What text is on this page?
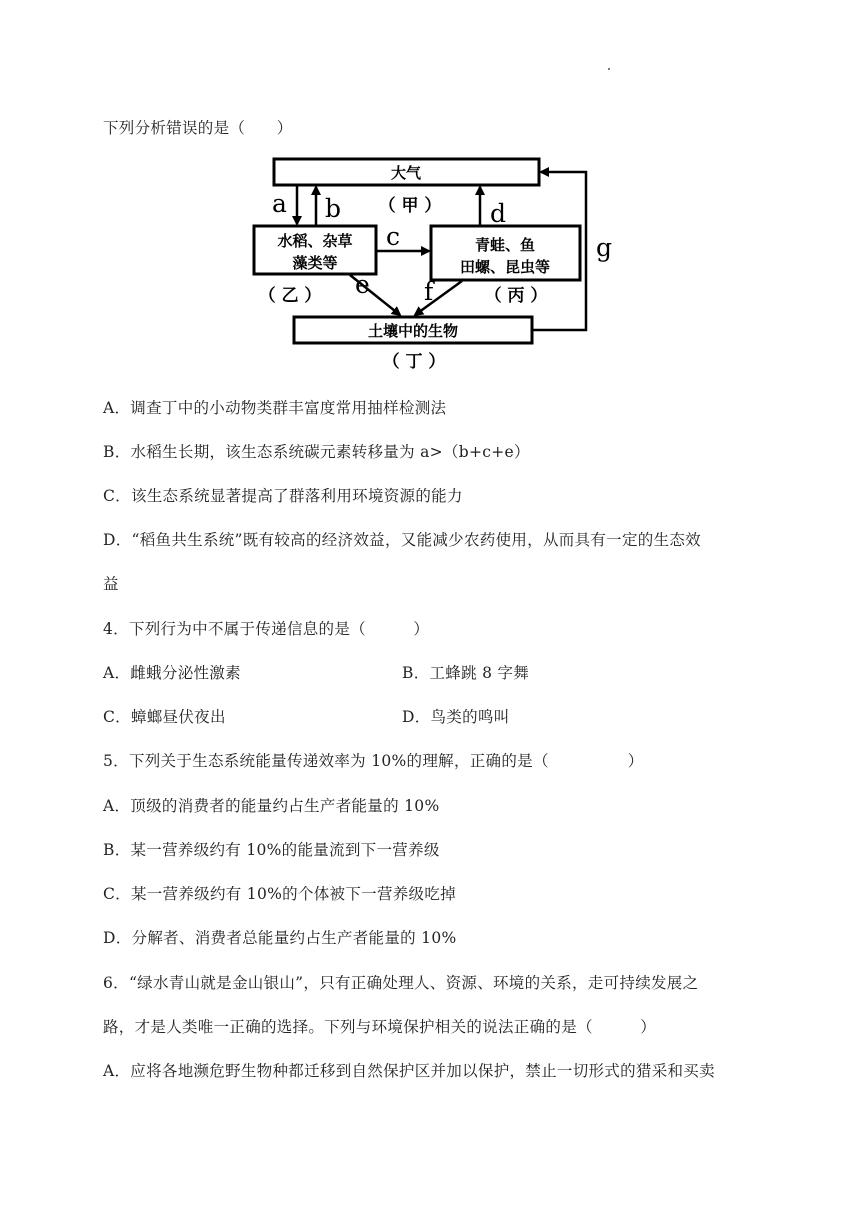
下列分析错误的是（　　）
大气
（ 甲 ）
水稻、杂草
藻类等
（ 乙 ）
青蛙、鱼
田螺、昆虫等
（ 丙 ）
土壤中的生物
（ 丁 ）
a b
c
d
e f
g
A．调查丁中的小动物类群丰富度常用抽样检测法
B．水稻生长期，该生态系统碳元素转移量为 a>（b+c+e）
C．该生态系统显著提高了群落利用环境资源的能力
D．“稻鱼共生系统”既有较高的经济效益，又能减少农药使用，从而具有一定的生态效
益
4．下列行为中不属于传递信息的是（　　　）
A．雌蛾分泌性激素	B．工蜂跳 8 字舞
C．蟑螂昼伏夜出	D．鸟类的鸣叫
5．下列关于生态系统能量传递效率为 10%的理解，正确的是（　　　　　）
A．顶级的消费者的能量约占生产者能量的 10%
B．某一营养级约有 10%的能量流到下一营养级
C．某一营养级约有 10%的个体被下一营养级吃掉
D．分解者、消费者总能量约占生产者能量的 10%
6．“绿水青山就是金山银山”，只有正确处理人、资源、环境的关系，走可持续发展之
路，才是人类唯一正确的选择。下列与环境保护相关的说法正确的是（　　　）
A．应将各地濒危野生物种都迁移到自然保护区并加以保护，禁止一切形式的猎采和买卖
